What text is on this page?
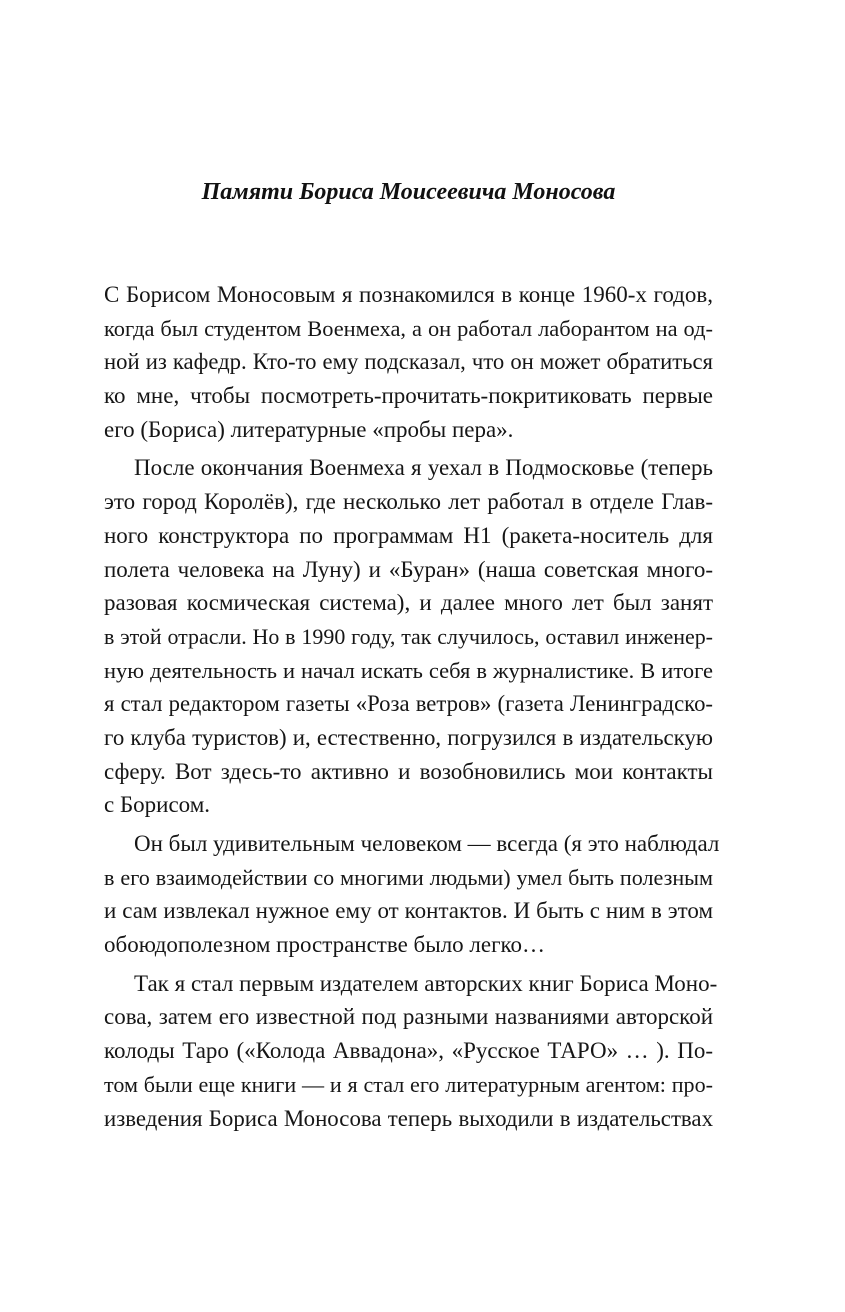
Памяти Бориса Моисеевича Моносова
С Борисом Моносовым я познакомился в конце 1960-х годов,
когда был студентом Военмеха, а он работал лаборантом на од-
ной из кафедр. Кто-то ему подсказал, что он может обратиться
ко мне, чтобы посмотреть-прочитать-покритиковать первые
его (Бориса) литературные «пробы пера».
После окончания Военмеха я уехал в Подмосковье (теперь
это город Королёв), где несколько лет работал в отделе Глав-
ного конструктора по программам Н1 (ракета-носитель для
полета человека на Луну) и «Буран» (наша советская много-
разовая космическая система), и далее много лет был занят
в этой отрасли. Но в 1990 году, так случилось, оставил инженер-
ную деятельность и начал искать себя в журналистике. В итоге
я стал редактором газеты «Роза ветров» (газета Ленинградско-
го клуба туристов) и, естественно, погрузился в издательскую
сферу. Вот здесь-то активно и возобновились мои контакты
с Борисом.
Он был удивительным человеком — всегда (я это наблюдал
в его взаимодействии со многими людьми) умел быть полезным
и сам извлекал нужное ему от контактов. И быть с ним в этом
обоюдополезном пространстве было легко…
Так я стал первым издателем авторских книг Бориса Моно-
сова, затем его известной под разными названиями авторской
колоды Таро («Колода Аввадона», «Русское ТАРО» … ). По-
том были еще книги — и я стал его литературным агентом: про-
изведения Бориса Моносова теперь выходили в издательствах
